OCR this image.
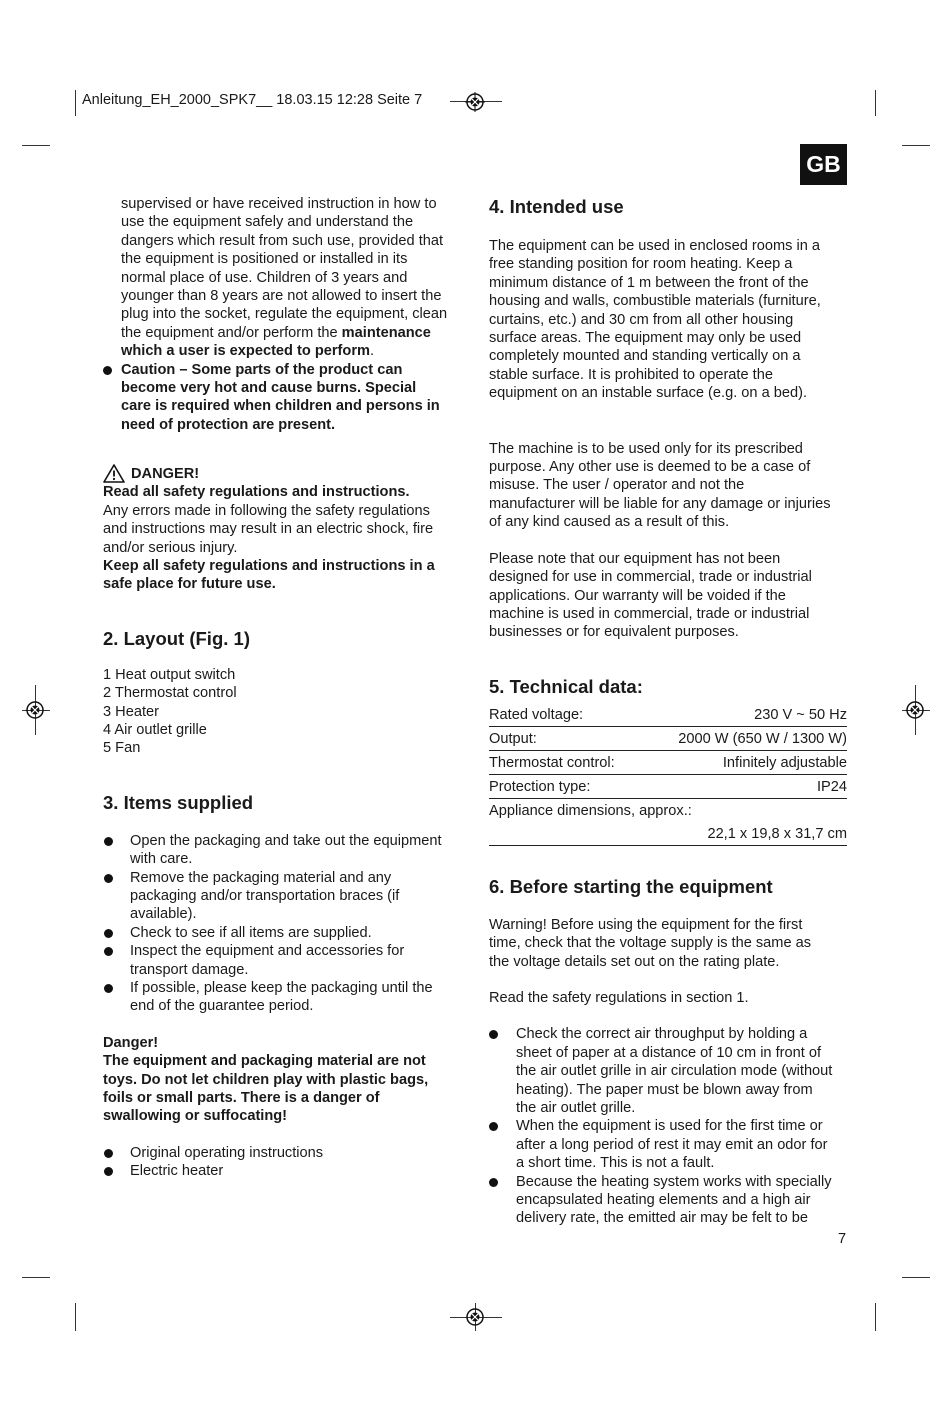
Anleitung_EH_2000_SPK7__ 18.03.15 12:28 Seite 7
GB

supervised or have received instruction in how to

use the equipment safely and understand the

dangers which result from such use, provided that

the equipment is positioned or installed in its

normal place of use. Children of 3 years and

younger than 8 years are not allowed to insert the

plug into the socket, regulate the equipment, clean

the equipment and/or perform the maintenance

which a user is expected to perform.

Caution – Some parts of the product can

become very hot and cause burns. Special

care is required when children and persons in

need of protection are present.

DANGER!

Read all safety regulations and instructions.

Any errors made in following the safety regulations

and instructions may result in an electric shock, fire

and/or serious injury.

Keep all safety regulations and instructions in a

safe place for future use.

2. Layout (Fig. 1)

1 Heat output switch

2 Thermostat control

3 Heater

4 Air outlet grille

5 Fan

3. Items supplied

Open the packaging and take out the equipment

with care.

Remove the packaging material and any

packaging and/or transportation braces (if

available).

Check to see if all items are supplied.

Inspect the equipment and accessories for

transport damage.

If possible, please keep the packaging until the

end of the guarantee period.

Danger!

The equipment and packaging material are not

toys. Do not let children play with plastic bags,

foils or small parts. There is a danger of

swallowing or suffocating!

Original operating instructions

Electric heater

4. Intended use

The equipment can be used in enclosed rooms in a

free standing position for room heating. Keep a

minimum distance of 1 m between the front of the

housing and walls, combustible materials (furniture,

curtains, etc.) and 30 cm from all other housing

surface areas. The equipment may only be used

completely mounted and standing vertically on a

stable surface. It is prohibited to operate the

equipment on an instable surface (e.g. on a bed).

The machine is to be used only for its prescribed

purpose. Any other use is deemed to be a case of

misuse. The user / operator and not the

manufacturer will be liable for any damage or injuries

of any kind caused as a result of this.

Please note that our equipment has not been

designed for use in commercial, trade or industrial

applications. Our warranty will be voided if the

machine is used in commercial, trade or industrial

businesses or for equivalent purposes.

5. Technical data:
Rated voltage:	230 V ~ 50 Hz
Output:	2000 W (650 W / 1300 W)
Thermostat control:	Infinitely adjustable
Protection type:	IP24
Appliance dimensions, approx.:
22,1 x 19,8 x 31,7 cm
6. Before starting the equipment

Warning! Before using the equipment for the first

time, check that the voltage supply is the same as

the voltage details set out on the rating plate.

Read the safety regulations in section 1.

Check the correct air throughput by holding a

sheet of paper at a distance of 10 cm in front of

the air outlet grille in air circulation mode (without

heating). The paper must be blown away from

the air outlet grille.

When the equipment is used for the first time or

after a long period of rest it may emit an odor for

a short time. This is not a fault.

Because the heating system works with specially

encapsulated heating elements and a high air

delivery rate, the emitted air may be felt to be

7
